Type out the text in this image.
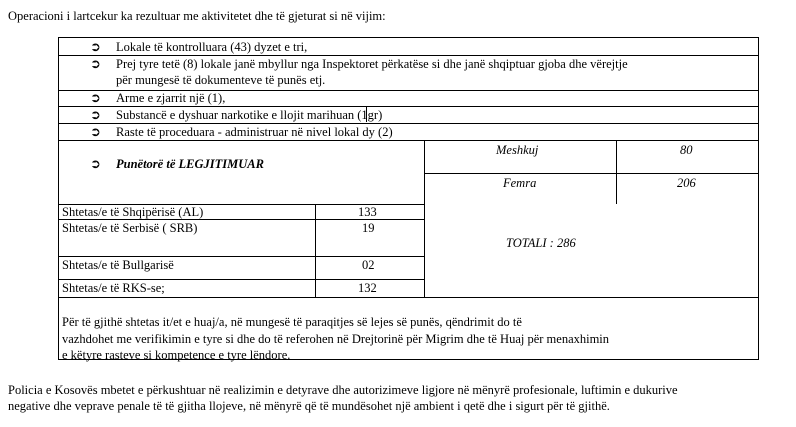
Operacioni i lartcekur ka rezultuar me aktivitetet dhe të gjeturat si në vijim:
➲ Lokale të kontrolluara (43) dyzet e tri,
➲ Prej tyre tetë (8) lokale janë mbyllur nga Inspektoret përkatëse si dhe janë shqiptuar gjoba dhe vërejtje
për mungesë të dokumenteve të punës etj.
➲ Arme e zjarrit një (1),
➲ Substancë e dyshuar narkotike e llojit marihuan (1gr)
➲ Raste të proceduara - administruar në nivel lokal dy (2)
➲ Punëtorë të LEGJITIMUAR
Meshkuj	80
Femra	206
Shtetas/e të Shqipërisë (AL)	133
Shtetas/e të Serbisë ( SRB)	19
Shtetas/e të Bullgarisë	02
Shtetas/e të RKS-se;	132
TOTALI : 286
Për të gjithë shtetas it/et e huaj/a, në mungesë të paraqitjes së lejes së punës, qëndrimit do të
vazhdohet me verifikimin e tyre si dhe do të referohen në Drejtorinë për Migrim dhe të Huaj për menaxhimin
e këtyre rasteve si kompetence e tyre lëndore.
Policia e Kosovës mbetet e përkushtuar në realizimin e detyrave dhe autorizimeve ligjore në mënyrë profesionale, luftimin e dukurive
negative dhe veprave penale të të gjitha llojeve, në mënyrë që të mundësohet një ambient i qetë dhe i sigurt për të gjithë.
